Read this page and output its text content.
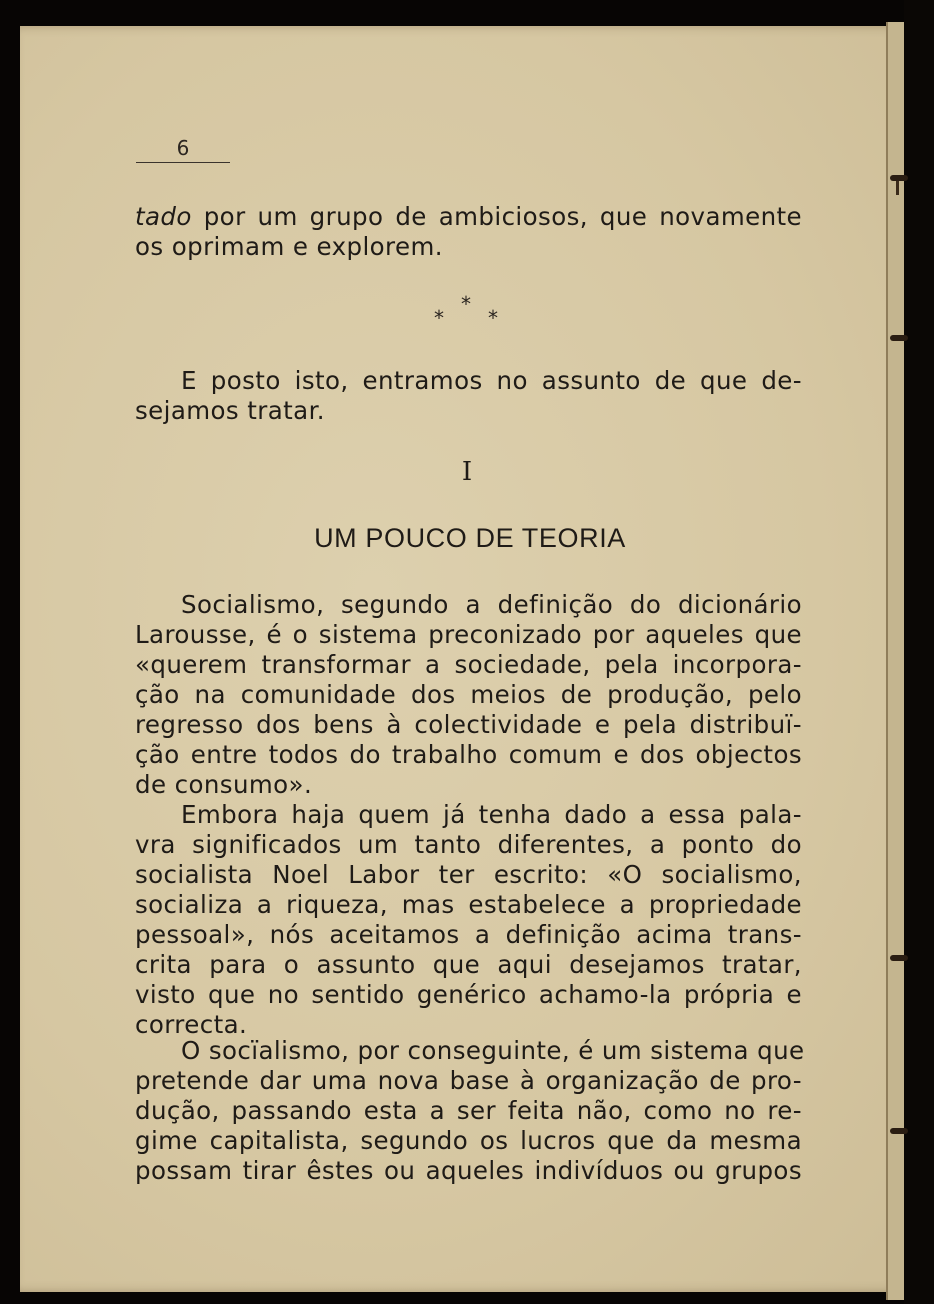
6
tado por um grupo de ambiciosos, que novamente
os oprimam e explorem.
*
* *
E posto isto, entramos no assunto de que de-
sejamos tratar.
I
UM POUCO DE TEORIA
Socialismo, segundo a definição do dicionário
Larousse, é o sistema preconizado por aqueles que
«querem transformar a sociedade, pela incorpora-
ção na comunidade dos meios de produção, pelo
regresso dos bens à colectividade e pela distribuï-
ção entre todos do trabalho comum e dos objectos
de consumo».
Embora haja quem já tenha dado a essa pala-
vra significados um tanto diferentes, a ponto do
socialista Noel Labor ter escrito: «O socialismo,
socializa a riqueza, mas estabelece a propriedade
pessoal», nós aceitamos a definição acima trans-
crita para o assunto que aqui desejamos tratar,
visto que no sentido genérico achamo-la própria e
correcta.
O socïalismo, por conseguinte, é um sistema que
pretende dar uma nova base à organização de pro-
dução, passando esta a ser feita não, como no re-
gime capitalista, segundo os lucros que da mesma
possam tirar êstes ou aqueles indivíduos ou grupos
